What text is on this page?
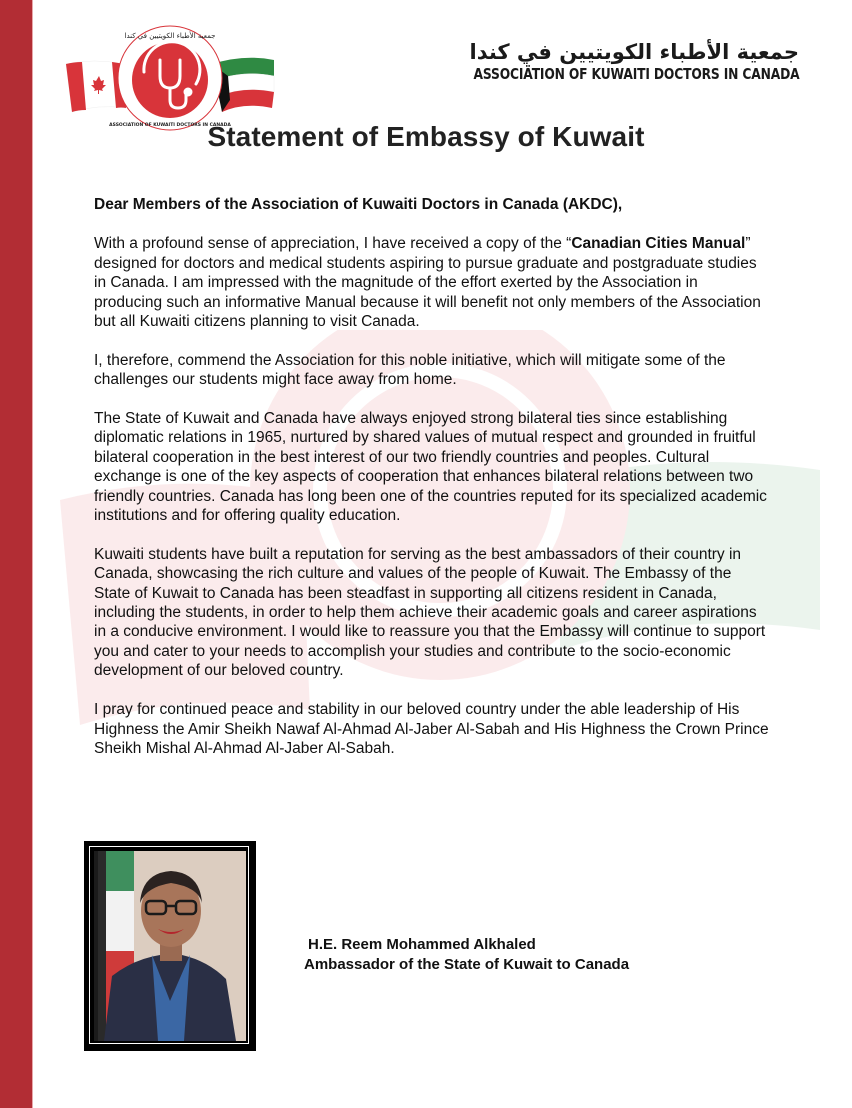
جمعية الأطباء الكويتيين في كندا
ASSOCIATION OF KUWAITI DOCTORS IN CANADA
جمعية الأطباء الكويتيين في كندا
ASSOCIÄTION OF KUWAITI DOCTORS IN CANADA
Statement of Embassy of Kuwait

Dear Members of the Association of Kuwaiti Doctors in Canada (AKDC),

With a profound sense of appreciation, I have received a copy of the “Canadian Cities Manual” designed for doctors and medical students aspiring to pursue graduate and postgraduate studies in Canada. I am impressed with the magnitude of the effort exerted by the Association in producing such an informative Manual because it will benefit not only members of the Association but all Kuwaiti citizens planning to visit Canada.

I, therefore, commend the Association for this noble initiative, which will mitigate some of the challenges our students might face away from home.

The State of Kuwait and Canada have always enjoyed strong bilateral ties since establishing diplomatic relations in 1965, nurtured by shared values of mutual respect and grounded in fruitful bilateral cooperation in the best interest of our two friendly countries and peoples. Cultural exchange is one of the key aspects of cooperation that enhances bilateral relations between two friendly countries. Canada has long been one of the countries reputed for its specialized academic institutions and for offering quality education.

Kuwaiti students have built a reputation for serving as the best ambassadors of their country in Canada, showcasing the rich culture and values of the people of Kuwait. The Embassy of the State of Kuwait to Canada has been steadfast in supporting all citizens resident in Canada, including the students, in order to help them achieve their academic goals and career aspirations in a conducive environment. I would like to reassure you that the Embassy will continue to support you and cater to your needs to accomplish your studies and contribute to the socio-economic development of our beloved country.

I pray for continued peace and stability in our beloved country under the able leadership of His Highness the Amir Sheikh Nawaf Al-Ahmad Al-Jaber Al-Sabah and His Highness the Crown Prince Sheikh Mishal Al-Ahmad Al-Jaber Al-Sabah.

H.E. Reem Mohammed Alkhaled
Ambassador of the State of Kuwait to Canada
